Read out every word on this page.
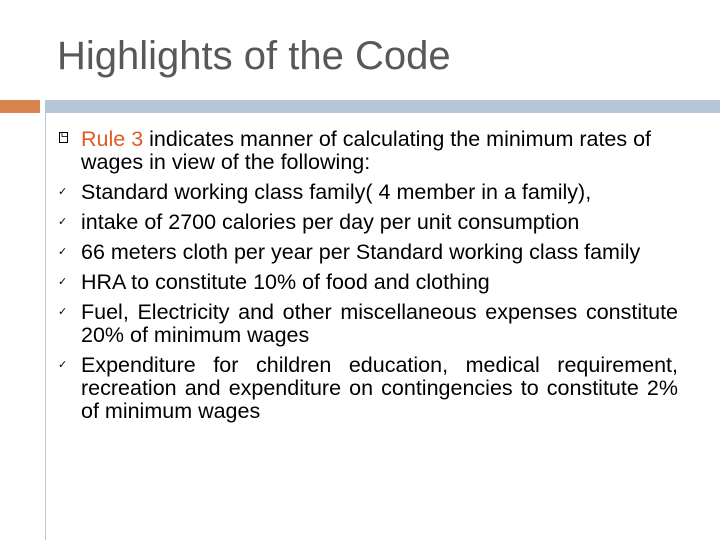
Highlights of the Code
Rule 3 indicates manner of calculating the minimum rates of wages in view of the following:
✓ Standard working class family( 4 member in a family),
✓ intake of 2700 calories per day per unit consumption
✓ 66 meters cloth per year per Standard working class family
✓ HRA to constitute 10% of food and clothing
✓ Fuel, Electricity and other miscellaneous expenses constitute 20% of minimum wages
✓ Expenditure for children education, medical requirement, recreation and expenditure on contingencies to constitute 2% of minimum wages
